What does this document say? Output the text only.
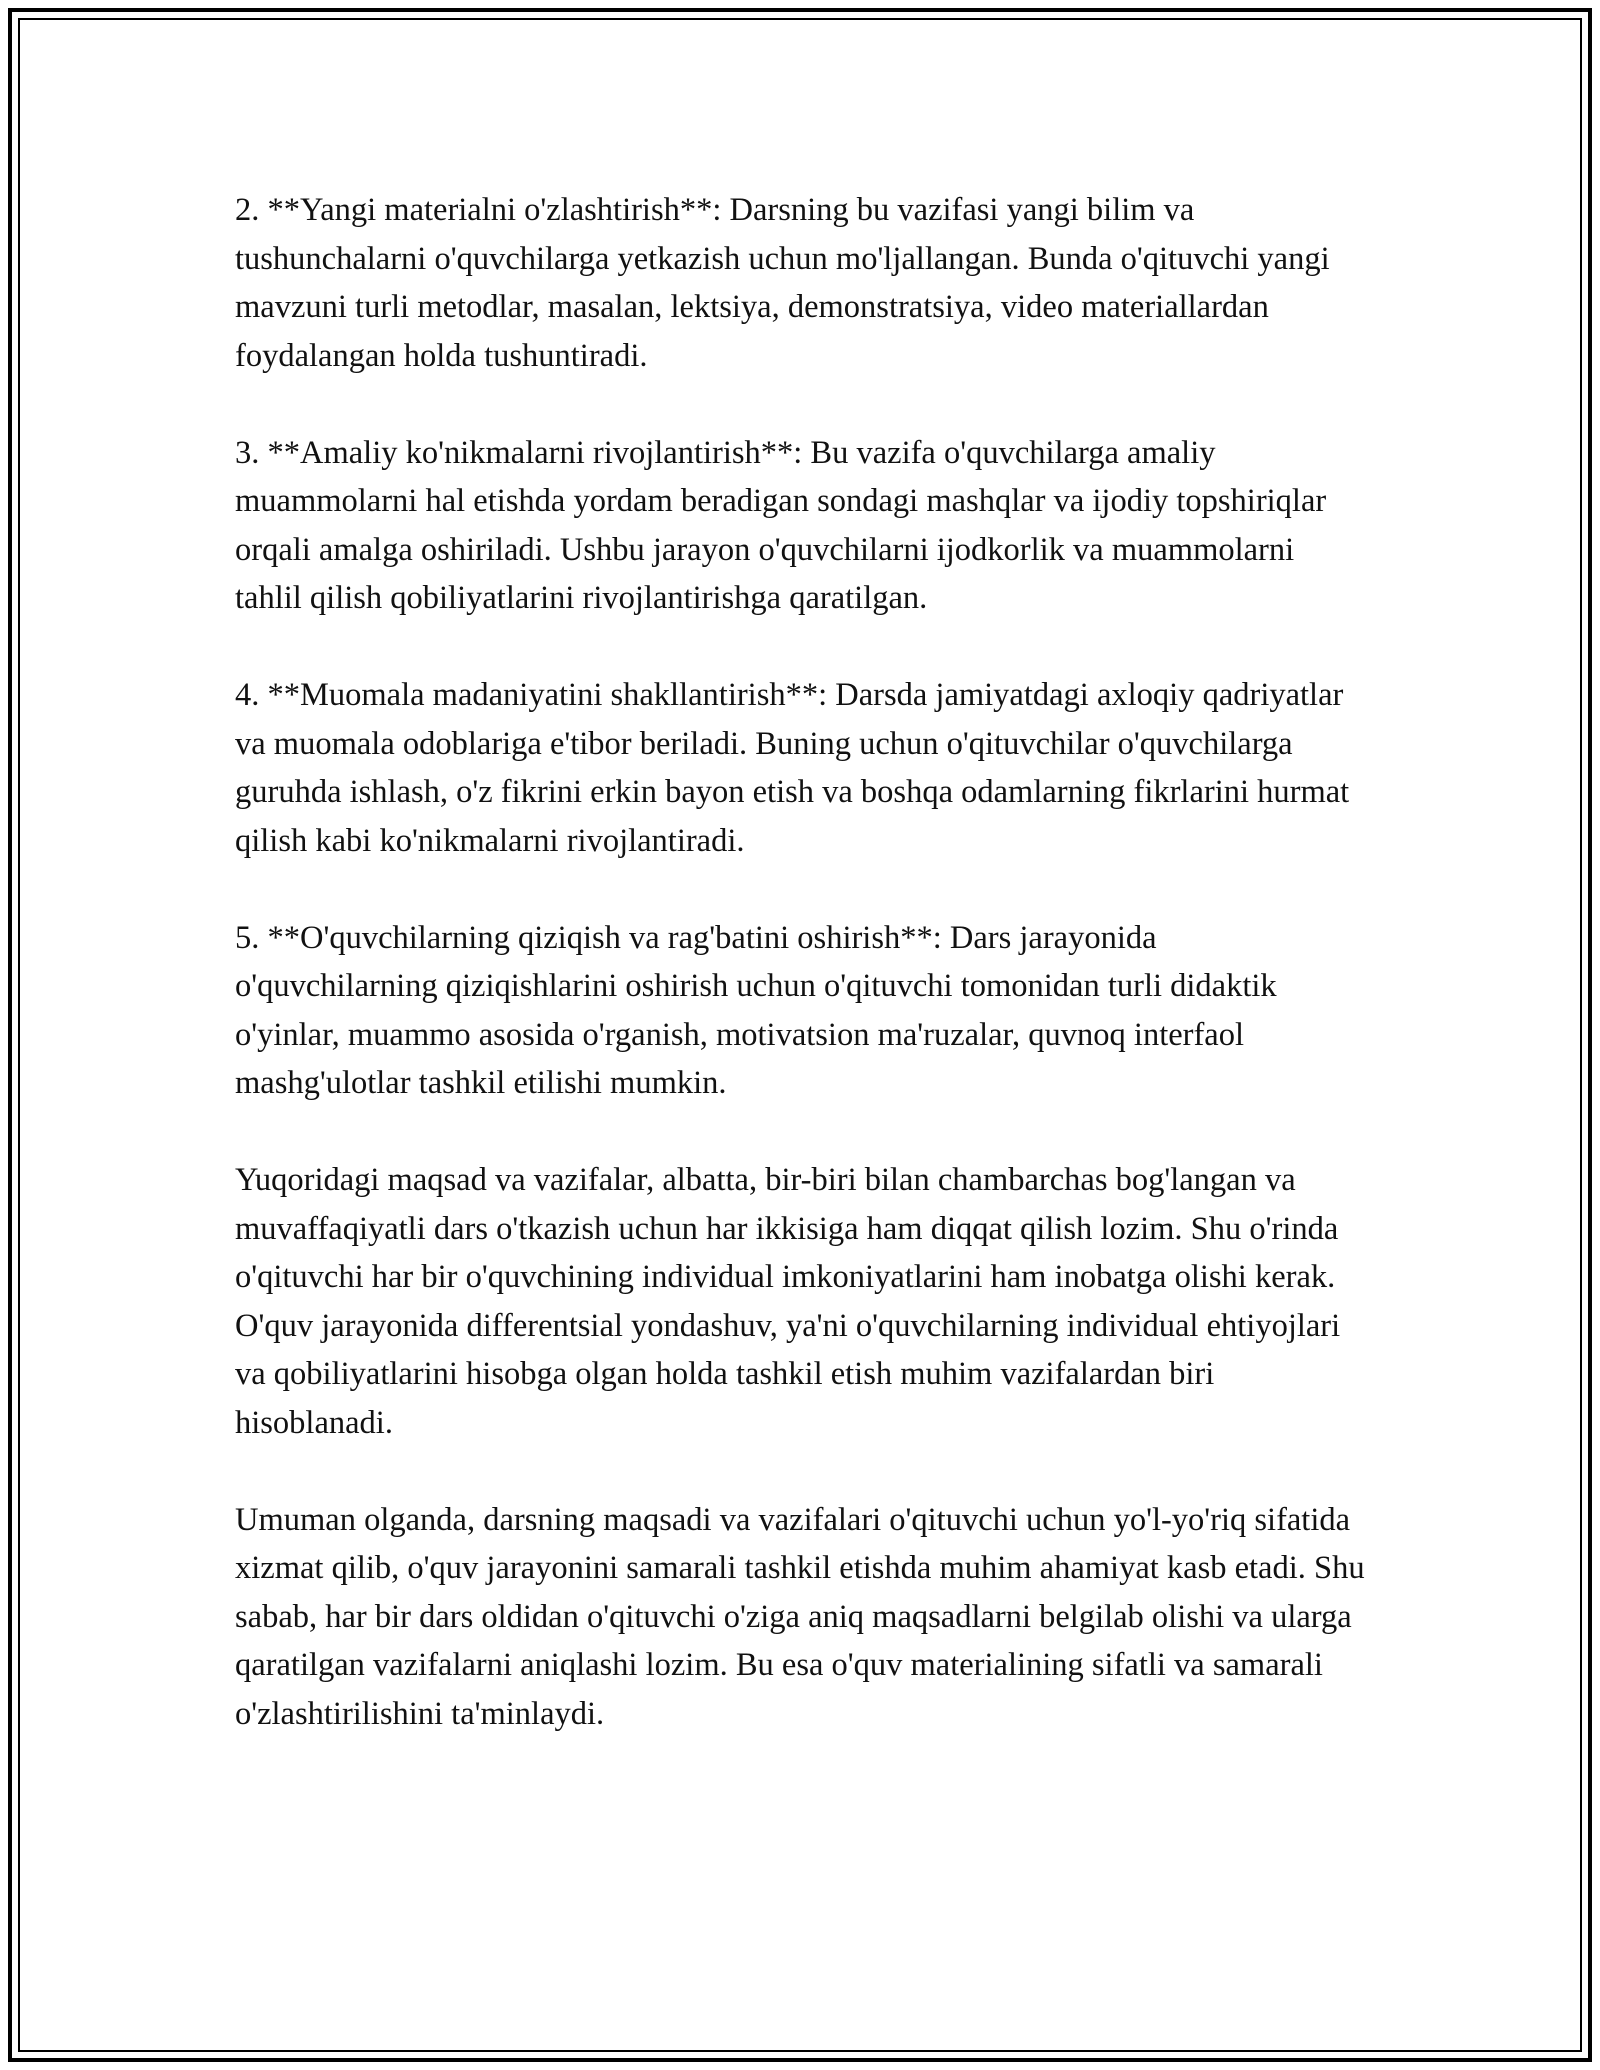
2. **Yangi materialni o'zlashtirish**: Darsning bu vazifasi yangi bilim va tushunchalarni o'quvchilarga yetkazish uchun mo'ljallangan. Bunda o'qituvchi yangi mavzuni turli metodlar, masalan, lektsiya, demonstratsiya, video materiallardan foydalangan holda tushuntiradi.

3. **Amaliy ko'nikmalarni rivojlantirish**: Bu vazifa o'quvchilarga amaliy muammolarni hal etishda yordam beradigan sondagi mashqlar va ijodiy topshiriqlar orqali amalga oshiriladi. Ushbu jarayon o'quvchilarni ijodkorlik va muammolarni tahlil qilish qobiliyatlarini rivojlantirishga qaratilgan.

4. **Muomala madaniyatini shakllantirish**: Darsda jamiyatdagi axloqiy qadriyatlar va muomala odoblariga e'tibor beriladi. Buning uchun o'qituvchilar o'quvchilarga guruhda ishlash, o'z fikrini erkin bayon etish va boshqa odamlarning fikrlarini hurmat qilish kabi ko'nikmalarni rivojlantiradi.

5. **O'quvchilarning qiziqish va rag'batini oshirish**: Dars jarayonida o'quvchilarning qiziqishlarini oshirish uchun o'qituvchi tomonidan turli didaktik o'yinlar, muammo asosida o'rganish, motivatsion ma'ruzalar, quvnoq interfaol mashg'ulotlar tashkil etilishi mumkin.

Yuqoridagi maqsad va vazifalar, albatta, bir-biri bilan chambarchas bog'langan va muvaffaqiyatli dars o'tkazish uchun har ikkisiga ham diqqat qilish lozim. Shu o'rinda o'qituvchi har bir o'quvchining individual imkoniyatlarini ham inobatga olishi kerak. O'quv jarayonida differentsial yondashuv, ya'ni o'quvchilarning individual ehtiyojlari va qobiliyatlarini hisobga olgan holda tashkil etish muhim vazifalardan biri hisoblanadi.

Umuman olganda, darsning maqsadi va vazifalari o'qituvchi uchun yo'l-yo'riq sifatida xizmat qilib, o'quv jarayonini samarali tashkil etishda muhim ahamiyat kasb etadi. Shu sabab, har bir dars oldidan o'qituvchi o'ziga aniq maqsadlarni belgilab olishi va ularga qaratilgan vazifalarni aniqlashi lozim. Bu esa o'quv materialining sifatli va samarali o'zlashtirilishini ta'minlaydi.
